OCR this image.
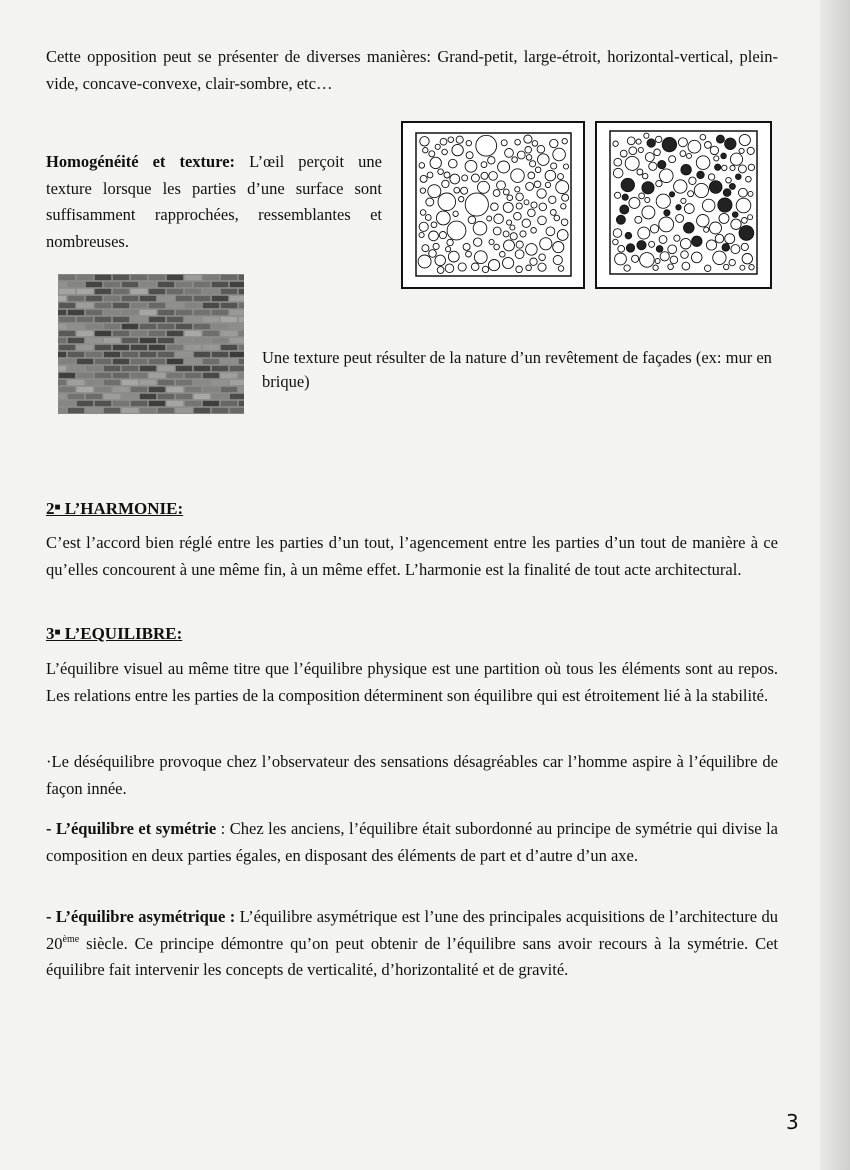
Cette opposition peut se présenter de diverses manières: Grand-petit, large-étroit, horizontal-vertical, plein-vide, concave-convexe, clair-sombre, etc…

Homogénéité et texture: L’œil perçoit une texture lorsque les parties d’une surface sont suffisamment rapprochées, ressemblantes et nombreuses.

Une texture peut résulter de la nature d’un revêtement de façades (ex: mur en brique)

2■ L’HARMONIE:

C’est l’accord bien réglé entre les parties d’un tout, l’agencement entre les parties d’un tout de manière à ce qu’elles concourent à une même fin, à un même effet. L’harmonie est la finalité de tout acte architectural.

3■ L’EQUILIBRE:

L’équilibre visuel au même titre que l’équilibre physique est une partition où tous les éléments sont au repos. Les relations entre les parties de la composition déterminent son équilibre qui est étroitement lié à la stabilité.

·Le déséquilibre provoque chez l’observateur des sensations désagréables car l’homme aspire à l’équilibre de façon innée.

- L’équilibre et symétrie : Chez les anciens, l’équilibre était subordonné au principe de symétrie qui divise la composition en deux parties égales, en disposant des éléments de part et d’autre d’un axe.

- L’équilibre asymétrique : L’équilibre asymétrique est l’une des principales acquisitions de l’architecture du 20ème siècle. Ce principe démontre qu’on peut obtenir de l’équilibre sans avoir recours à la symétrie. Cet équilibre fait intervenir les concepts de verticalité, d’horizontalité et de gravité.

3
